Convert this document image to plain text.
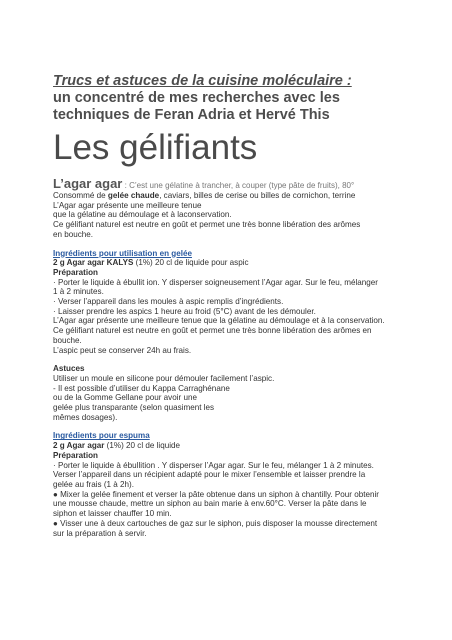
Trucs et astuces de la cuisine moléculaire :
un concentré de mes recherches avec les
techniques de Feran Adria et Hervé This
Les gélifiants

L’agar agar : C’est une gélatine à trancher, à couper (type pâte de fruits), 80°

Consommé de gelée chaude, caviars, billes de cerise ou billes de cornichon, terrine

L’Agar agar présente une meilleure tenue

que la gélatine au démoulage et à laconservation.

Ce gélifiant naturel est neutre en goût et permet une très bonne libération des arômes

en bouche.

Ingrédients pour utilisation en gelée

2 g Agar agar KALYS (1%) 20 cl de liquide pour aspic

Préparation

· Porter le liquide à ébullit ion. Y disperser soigneusement l’Agar agar. Sur le feu, mélanger

1 à 2 minutes.

· Verser l’appareil dans les moules à aspic remplis d’ingrédients.

· Laisser prendre les aspics 1 heure au froid (5°C) avant de les démouler.

L’Agar agar présente une meilleure tenue que la gélatine au démoulage et à la conservation.

Ce gélifiant naturel est neutre en goût et permet une très bonne libération des arômes en

bouche.

L’aspic peut se conserver 24h au frais.

Astuces

Utiliser un moule en silicone pour démouler facilement l’aspic.

- Il est possible d’utiliser du Kappa Carraghénane

ou de la Gomme Gellane pour avoir une

gelée plus transparante (selon quasiment les

mêmes dosages).

Ingrédients pour espuma

2 g Agar agar (1%) 20 cl de liquide

Préparation

· Porter le liquide à ébullition . Y disperser l’Agar agar. Sur le feu, mélanger 1 à 2 minutes.

Verser l’appareil dans un récipient adapté pour le mixer l’ensemble et laisser prendre la

gelée au frais (1 à 2h).

● Mixer la gelée finement et verser la pâte obtenue dans un siphon à chantilly. Pour obtenir

une mousse chaude, mettre un siphon au bain marie à env.60°C. Verser la pâte dans le

siphon et laisser chauffer 10 min.

● Visser une à deux cartouches de gaz sur le siphon, puis disposer la mousse directement

sur la préparation à servir.
